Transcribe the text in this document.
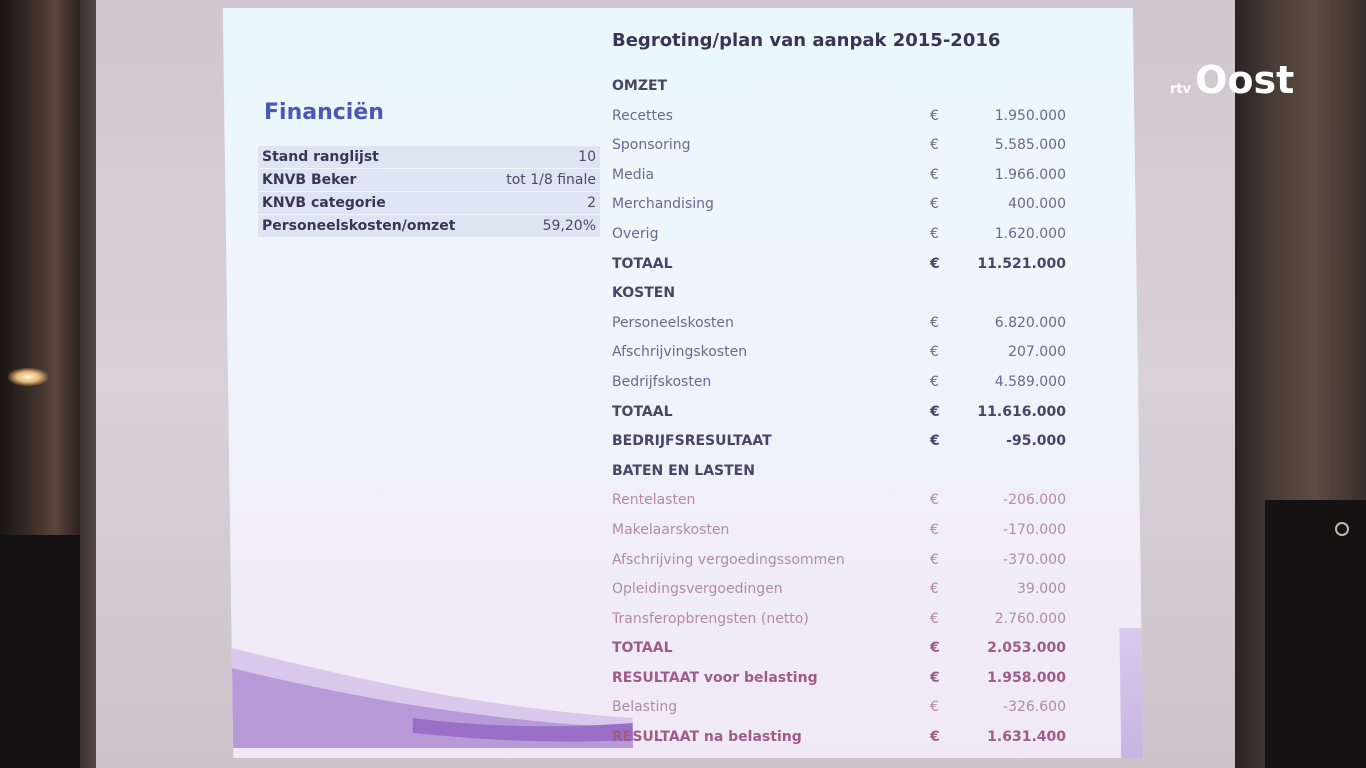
rtv Oost
Financiën
Stand ranglijst	10
KNVB Beker	tot 1/8 finale
KNVB categorie	2
Personeelskosten/omzet	59,20%
Begroting/plan van aanpak 2015-2016
OMZET
Recettes	€	1.950.000
Sponsoring	€	5.585.000
Media	€	1.966.000
Merchandising	€	400.000
Overig	€	1.620.000
TOTAAL	€	11.521.000
KOSTEN
Personeelskosten	€	6.820.000
Afschrijvingskosten	€	207.000
Bedrijfskosten	€	4.589.000
TOTAAL	€	11.616.000
BEDRIJFSRESULTAAT	€	-95.000
BATEN EN LASTEN
Rentelasten	€	-206.000
Makelaarskosten	€	-170.000
Afschrijving vergoedingssommen	€	-370.000
Opleidingsvergoedingen	€	39.000
Transferopbrengsten (netto)	€	2.760.000
TOTAAL	€	2.053.000
RESULTAAT voor belasting	€	1.958.000
Belasting	€	-326.600
RESULTAAT na belasting	€	1.631.400
